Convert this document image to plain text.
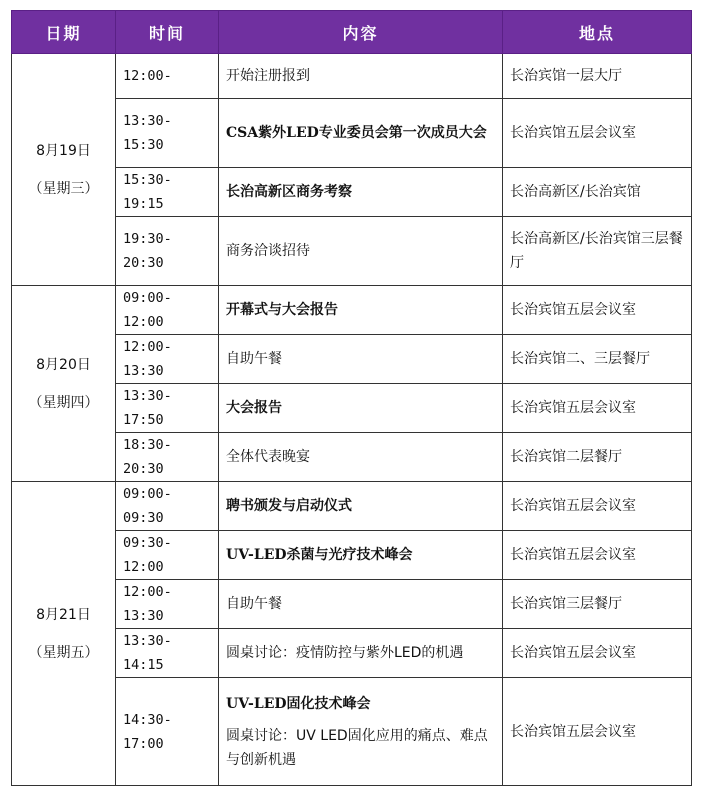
日期	时间	内容	地点

8月19日
（星期三）	12:00-	开始注册报到	长治宾馆一层大厅
	13:30-15:30	CSA紫外LED专业委员会第一次成员大会	长治宾馆五层会议室
	15:30-19:15	长治高新区商务考察	长治高新区/长治宾馆
	19:30-20:30	商务洽谈招待	长治高新区/长治宾馆三层餐厅

8月20日
（星期四）	09:00-12:00	开幕式与大会报告	长治宾馆五层会议室
	12:00-13:30	自助午餐	长治宾馆二、三层餐厅
	13:30-17:50	大会报告	长治宾馆五层会议室
	18:30-20:30	全体代表晚宴	长治宾馆二层餐厅

8月21日
（星期五）	09:00-09:30	聘书颁发与启动仪式	长治宾馆五层会议室
	09:30-12:00	UV-LED杀菌与光疗技术峰会	长治宾馆五层会议室
	12:00-13:30	自助午餐	长治宾馆三层餐厅
	13:30-14:15	圆桌讨论：疫情防控与紫外LED的机遇	长治宾馆五层会议室
	14:30-17:00	UV-LED固化技术峰会
圆桌讨论：UV LED固化应用的痛点、难点与创新机遇	长治宾馆五层会议室
